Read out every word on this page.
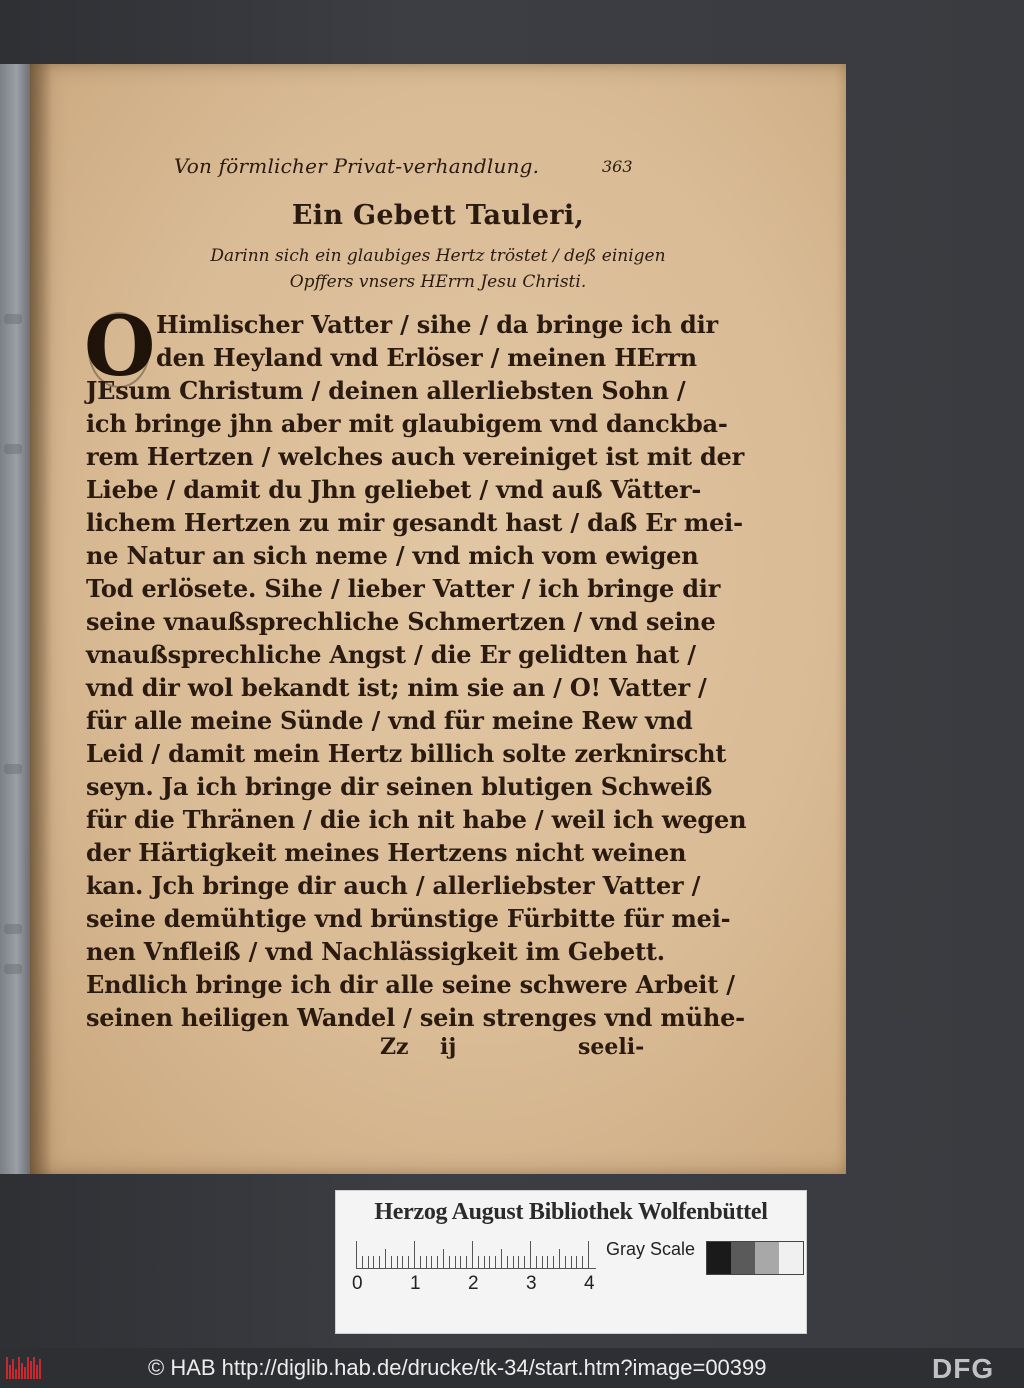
Von förmlicher Privat-verhandlung.	363
Ein Gebett Tauleri,
Darinn sich ein glaubiges Hertz tröstet / deß einigen
Opffers vnsers HErrn Jesu Christi.
O Himlischer Vatter / sihe / da bringe ich dir
den Heyland vnd Erlöser / meinen HErrn
JEsum Christum / deinen allerliebsten Sohn /
ich bringe jhn aber mit glaubigem vnd danckba-
rem Hertzen / welches auch vereiniget ist mit der
Liebe / damit du Jhn geliebet / vnd auß Vätter-
lichem Hertzen zu mir gesandt hast / daß Er mei-
ne Natur an sich neme / vnd mich vom ewigen
Tod erlösete. Sihe / lieber Vatter / ich bringe dir
seine vnaußsprechliche Schmertzen / vnd seine
vnaußsprechliche Angst / die Er gelidten hat /
vnd dir wol bekandt ist; nim sie an / O! Vatter /
für alle meine Sünde / vnd für meine Rew vnd
Leid / damit mein Hertz billich solte zerknirscht
seyn. Ja ich bringe dir seinen blutigen Schweiß
für die Thränen / die ich nit habe / weil ich wegen
der Härtigkeit meines Hertzens nicht weinen
kan. Jch bringe dir auch / allerliebster Vatter /
seine demühtige vnd brünstige Fürbitte für mei-
nen Vnfleiß / vnd Nachlässigkeit im Gebett.
Endlich bringe ich dir alle seine schwere Arbeit /
seinen heiligen Wandel / sein strenges vnd mühe-
Zz ij	seeli-
Herzog August Bibliothek Wolfenbüttel
0 1 2 3 4
Gray Scale
© HAB http://diglib.hab.de/drucke/tk-34/start.htm?image=00399	DFG
